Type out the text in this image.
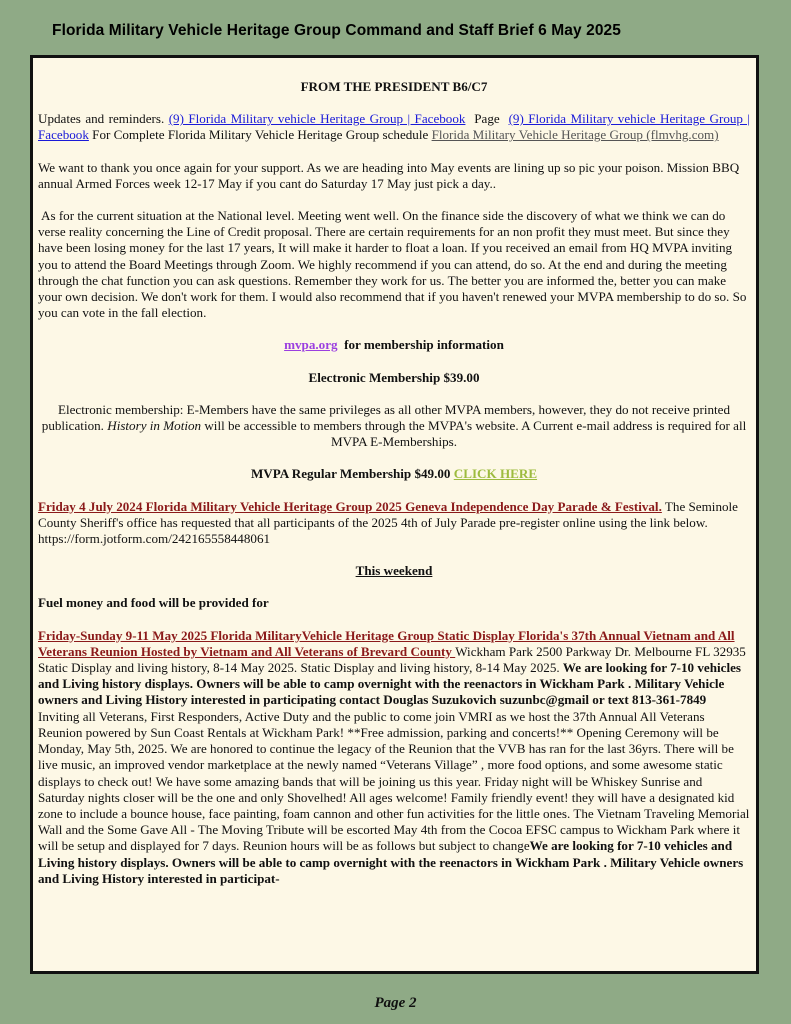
Florida Military Vehicle Heritage Group Command and Staff Brief 6 May 2025

FROM THE PRESIDENT B6/C7

Updates and reminders. (9) Florida Military vehicle Heritage Group | Facebook  Page  (9) Florida Military vehicle Heritage Group | Facebook For Complete Florida Military Vehicle Heritage Group schedule Florida Military Vehicle Heritage Group (flmvhg.com)

We want to thank you once again for your support. As we are heading into May events are lining up so pic your poison. Mission BBQ annual Armed Forces week 12-17 May if you cant do Saturday 17 May just pick a day..

As for the current situation at the National level. Meeting went well. On the finance side the discovery of what we think we can do verse reality concerning the Line of Credit proposal. There are certain requirements for an non profit they must meet. But since they have been losing money for the last 17 years, It will make it harder to float a loan. If you received an email from HQ MVPA inviting you to attend the Board Meetings through Zoom. We highly recommend if you can attend, do so. At the end and during the meeting through the chat function you can ask questions. Remember they work for us. The better you are informed the, better you can make your own decision. We don't work for them. I would also recommend that if you haven't renewed your MVPA membership to do so. So you can vote in the fall election.

mvpa.org  for membership information

Electronic Membership $39.00

Electronic membership: E-Members have the same privileges as all other MVPA members, however, they do not receive printed publication. History in Motion will be accessible to members through the MVPA's website. A Current e-mail address is required for all MVPA E-Memberships.

MVPA Regular Membership $49.00 CLICK HERE

Friday 4 July 2024 Florida Military Vehicle Heritage Group 2025 Geneva Independence Day Parade & Festival. The Seminole County Sheriff's office has requested that all participants of the 2025 4th of July Parade pre-register online using the link below. https://form.jotform.com/242165558448061

This weekend

Fuel money and food will be provided for

Friday-Sunday 9-11 May 2025 Florida MilitaryVehicle Heritage Group Static Display Florida's 37th Annual Vietnam and All Veterans Reunion Hosted by Vietnam and All Veterans of Brevard County Wickham Park 2500 Parkway Dr. Melbourne FL 32935 Static Display and living history, 8-14 May 2025. Static Display and living history, 8-14 May 2025. We are looking for 7-10 vehicles and Living history displays. Owners will be able to camp overnight with the reenactors in Wickham Park . Military Vehicle owners and Living History interested in participating contact Douglas Suzukovich suzunbc@gmail or text 813-361-7849 Inviting all Veterans, First Responders, Active Duty and the public to come join VMRI as we host the 37th Annual All Veterans Reunion powered by Sun Coast Rentals at Wickham Park! **Free admission, parking and concerts!** Opening Ceremony will be Monday, May 5th, 2025. We are honored to continue the legacy of the Reunion that the VVB has ran for the last 36yrs. There will be live music, an improved vendor marketplace at the newly named “Veterans Village” , more food options, and some awesome static displays to check out! We have some amazing bands that will be joining us this year. Friday night will be Whiskey Sunrise and Saturday nights closer will be the one and only Shovelhed! All ages welcome! Family friendly event! they will have a designated kid zone to include a bounce house, face painting, foam cannon and other fun activities for the little ones. The Vietnam Traveling Memorial Wall and the Some Gave All - The Moving Tribute will be escorted May 4th from the Cocoa EFSC campus to Wickham Park where it will be setup and displayed for 7 days. Reunion hours will be as follows but subject to changeWe are looking for 7-10 vehicles and Living history displays. Owners will be able to camp overnight with the reenactors in Wickham Park . Military Vehicle owners and Living History interested in participat-

Page 2
